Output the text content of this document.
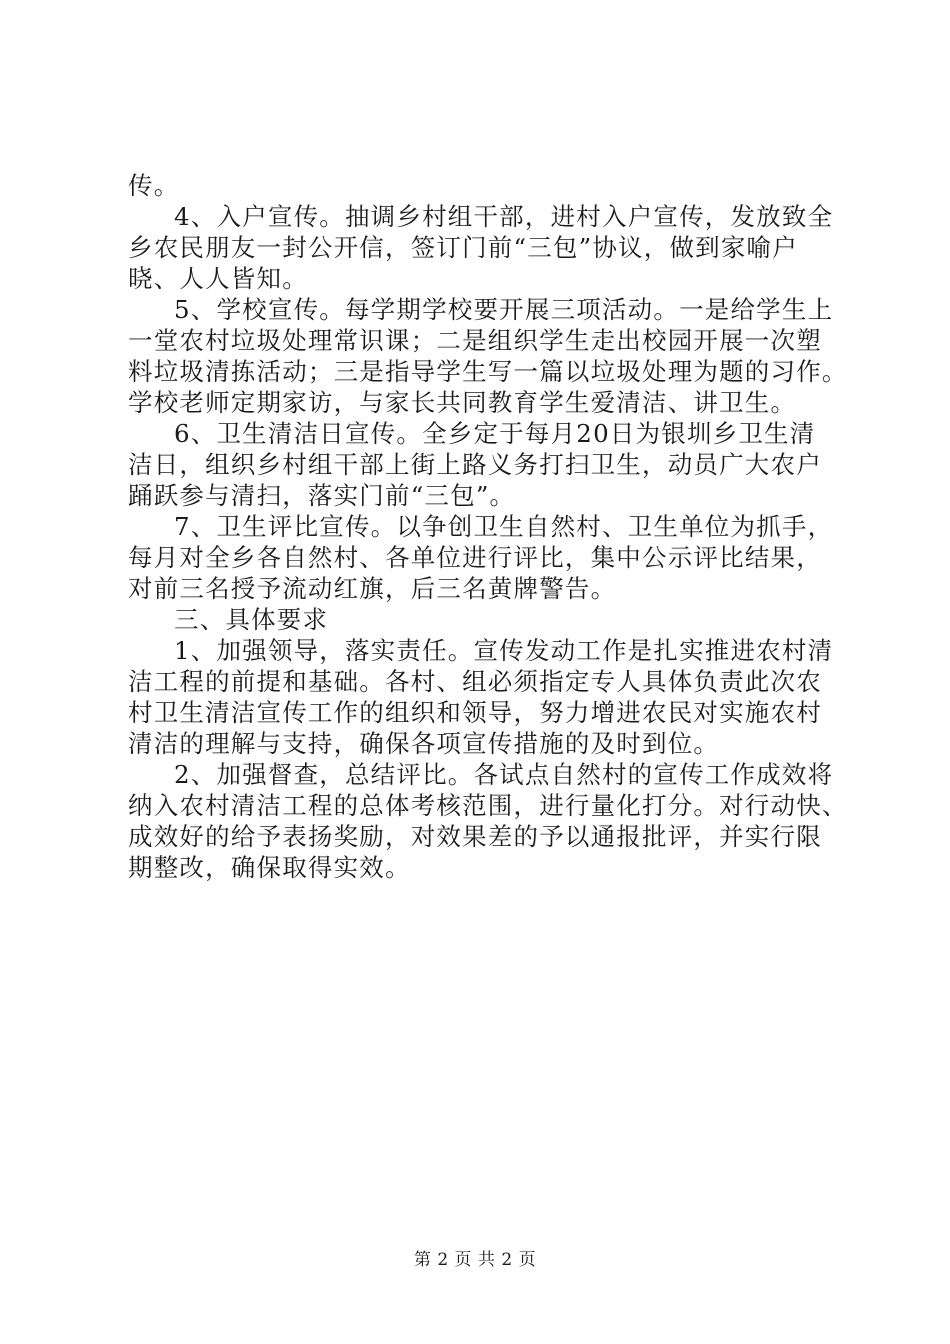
传。
4、入户宣传。抽调乡村组干部，进村入户宣传，发放致全
乡农民朋友一封公开信，签订门前“三包”协议，做到家喻户
晓、人人皆知。
5、学校宣传。每学期学校要开展三项活动。一是给学生上
一堂农村垃圾处理常识课；二是组织学生走出校园开展一次塑
料垃圾清拣活动；三是指导学生写一篇以垃圾处理为题的习作。
学校老师定期家访，与家长共同教育学生爱清洁、讲卫生。
6、卫生清洁日宣传。全乡定于每月20日为银圳乡卫生清
洁日，组织乡村组干部上街上路义务打扫卫生，动员广大农户
踊跃参与清扫，落实门前“三包”。
7、卫生评比宣传。以争创卫生自然村、卫生单位为抓手，
每月对全乡各自然村、各单位进行评比，集中公示评比结果，
对前三名授予流动红旗，后三名黄牌警告。
三、具体要求
1、加强领导，落实责任。宣传发动工作是扎实推进农村清
洁工程的前提和基础。各村、组必须指定专人具体负责此次农
村卫生清洁宣传工作的组织和领导，努力增进农民对实施农村
清洁的理解与支持，确保各项宣传措施的及时到位。
2、加强督查，总结评比。各试点自然村的宣传工作成效将
纳入农村清洁工程的总体考核范围，进行量化打分。对行动快、
成效好的给予表扬奖励，对效果差的予以通报批评，并实行限
期整改，确保取得实效。
第 2 页 共 2 页
